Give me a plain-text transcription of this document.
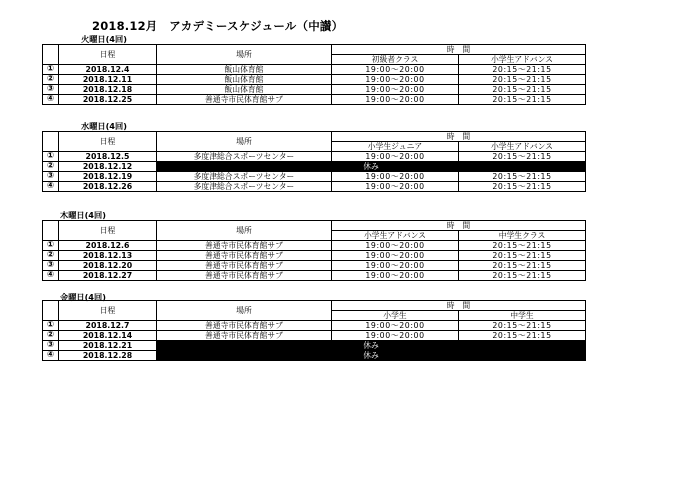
2018.12月　アカデミースケジュール（中讃）
火曜日(4回)
	日程	場所	時　間	
			初級者クラス	小学生アドバンス
①	2018.12.4	飯山体育館	19:00～20:00	20:15～21:15
②	2018.12.11	飯山体育館	19:00～20:00	20:15～21:15
③	2018.12.18	飯山体育館	19:00～20:00	20:15～21:15
④	2018.12.25	善通寺市民体育館サブ	19:00～20:00	20:15～21:15
水曜日(4回)
	日程	場所	時　間	
			小学生ジュニア	小学生アドバンス
①	2018.12.5	多度津総合スポーツセンター	19:00～20:00	20:15～21:15
②	2018.12.12	休み		
③	2018.12.19	多度津総合スポーツセンター	19:00～20:00	20:15～21:15
④	2018.12.26	多度津総合スポーツセンター	19:00～20:00	20:15～21:15
木曜日(4回)
	日程	場所	時　間	
			小学生アドバンス	中学生クラス
①	2018.12.6	善通寺市民体育館サブ	19:00～20:00	20:15～21:15
②	2018.12.13	善通寺市民体育館サブ	19:00～20:00	20:15～21:15
③	2018.12.20	善通寺市民体育館サブ	19:00～20:00	20:15～21:15
④	2018.12.27	善通寺市民体育館サブ	19:00～20:00	20:15～21:15
金曜日(4回)
	日程	場所	時　間	
			小学生	中学生
①	2018.12.7	善通寺市民体育館サブ	19:00～20:00	20:15～21:15
②	2018.12.14	善通寺市民体育館サブ	19:00～20:00	20:15～21:15
③	2018.12.21	休み		
④	2018.12.28	休み		
